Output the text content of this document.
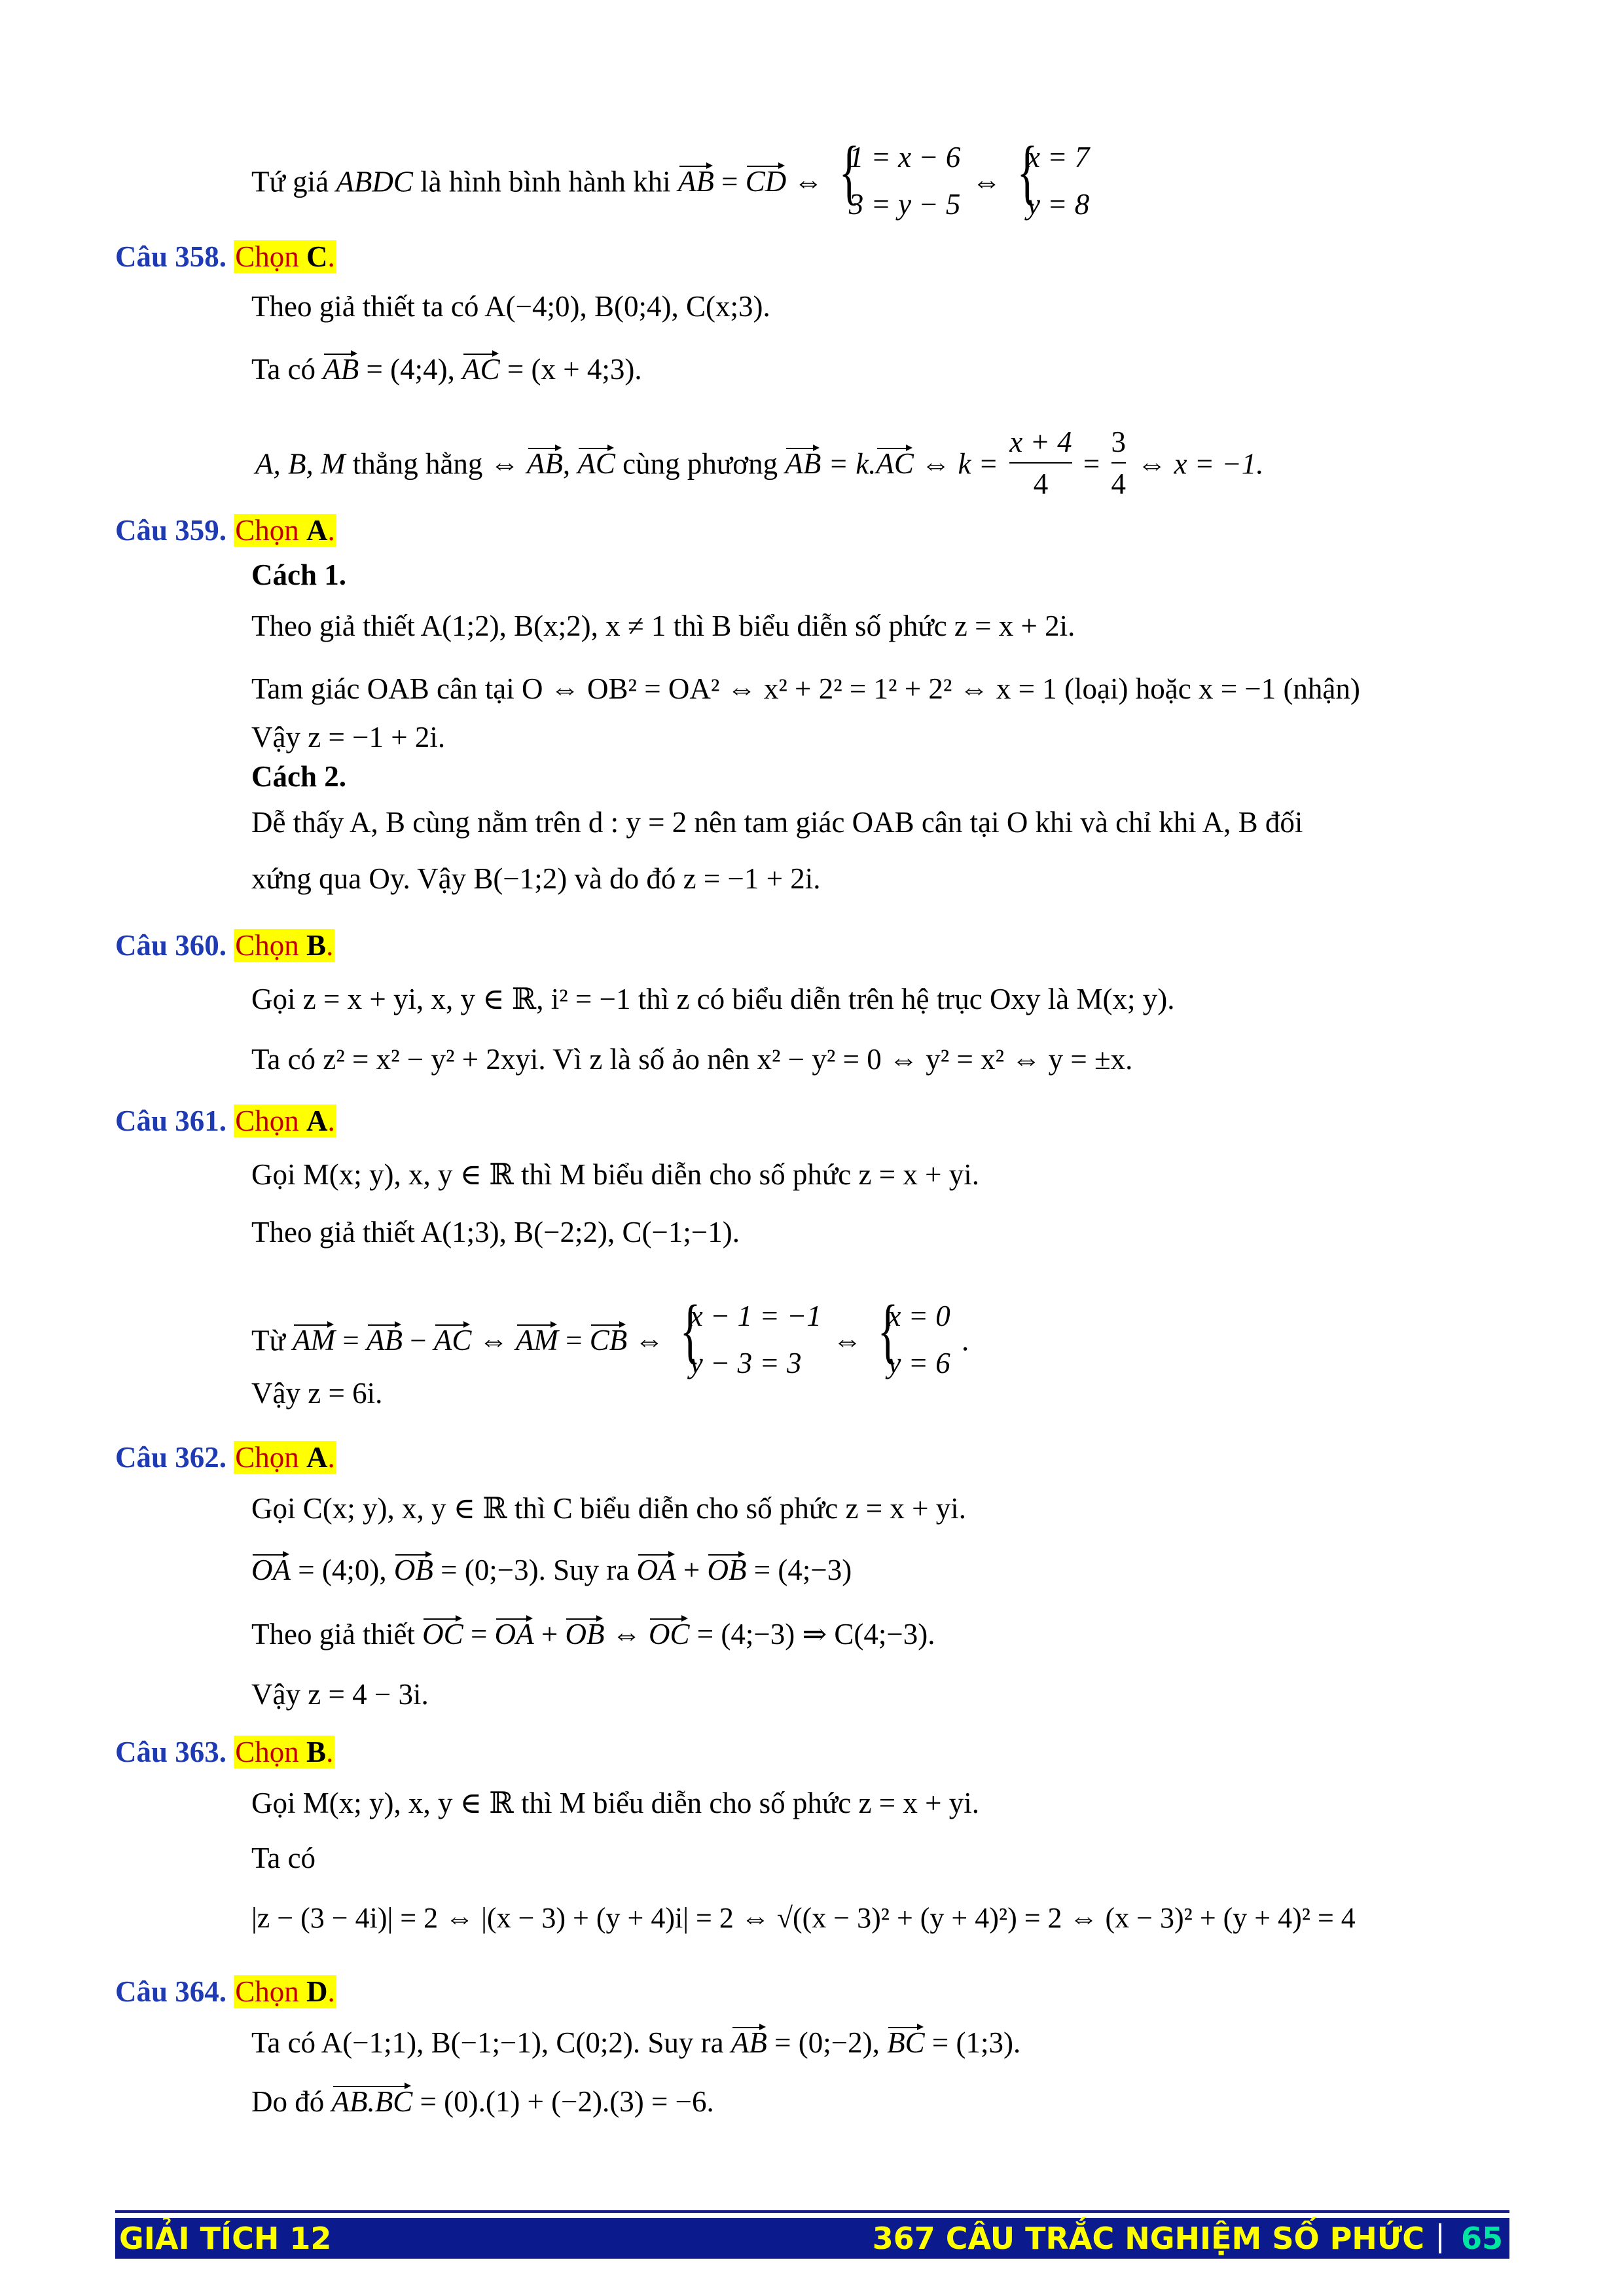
Tứ giá ABDC là hình bình hành khi AB = CD ⇔
{ 1 = x − 6
3 = y − 5
⇔
{ x = 7
y = 8
Câu 358. Chọn C.
Theo giả thiết ta có A(−4;0), B(0;4), C(x;3).
Ta có AB = (4;4), AC = (x + 4;3).
A, B, M thẳng hằng ⇔ AB, AC cùng phương AB = k.AC ⇔ $k = \frac{x + 4}{4} = \frac{3}{4}$ ⇔ x = −1.
Câu 359. Chọn A.
Cách 1.
Theo giả thiết A(1;2), B(x;2), x ≠ 1 thì B biểu diễn số phức z = x + 2i.
Tam giác OAB cân tại O ⇔ OB² = OA² ⇔ x² + 2² = 1² + 2² ⇔ x = 1 (loại) hoặc x = −1 (nhận)
Vậy z = −1 + 2i.
Cách 2.
Dễ thấy A, B cùng nằm trên d : y = 2 nên tam giác OAB cân tại O khi và chỉ khi A, B đối
xứng qua Oy. Vậy B(−1;2) và do đó z = −1 + 2i.
Câu 360. Chọn B.
Gọi z = x + yi, x, y ∈ ℝ, i² = −1 thì z có biểu diễn trên hệ trục Oxy là M(x; y).
Ta có z² = x² − y² + 2xyi. Vì z là số ảo nên x² − y² = 0 ⇔ y² = x² ⇔ y = ±x.
Câu 361. Chọn A.
Gọi M(x; y), x, y ∈ ℝ thì M biểu diễn cho số phức z = x + yi.
Theo giả thiết A(1;3), B(−2;2), C(−1;−1).
Từ AM = AB − AC ⇔ AM = CB ⇔
{ x − 1 = −1
y − 3 = 3
⇔
{ x = 0
y = 6
.
Vậy z = 6i.
Câu 362. Chọn A.
Gọi C(x; y), x, y ∈ ℝ thì C biểu diễn cho số phức z = x + yi.
OA = (4;0), OB = (0;−3). Suy ra OA + OB = (4;−3)
Theo giả thiết OC = OA + OB ⇔ OC = (4;−3) ⇒ C(4;−3).
Vậy z = 4 − 3i.
Câu 363. Chọn B.
Gọi M(x; y), x, y ∈ ℝ thì M biểu diễn cho số phức z = x + yi.
Ta có
|z − (3 − 4i)| = 2 ⇔ |(x − 3) + (y + 4)i| = 2 ⇔ √((x − 3)² + (y + 4)²) = 2 ⇔ (x − 3)² + (y + 4)² = 4
Câu 364. Chọn D.
Ta có A(−1;1), B(−1;−1), C(0;2). Suy ra AB = (0;−2), BC = (1;3).
Do đó AB.BC = (0).(1) + (−2).(3) = −6.
GIẢI TÍCH 12	367 CÂU TRẮC NGHIỆM SỐ PHỨC 65
